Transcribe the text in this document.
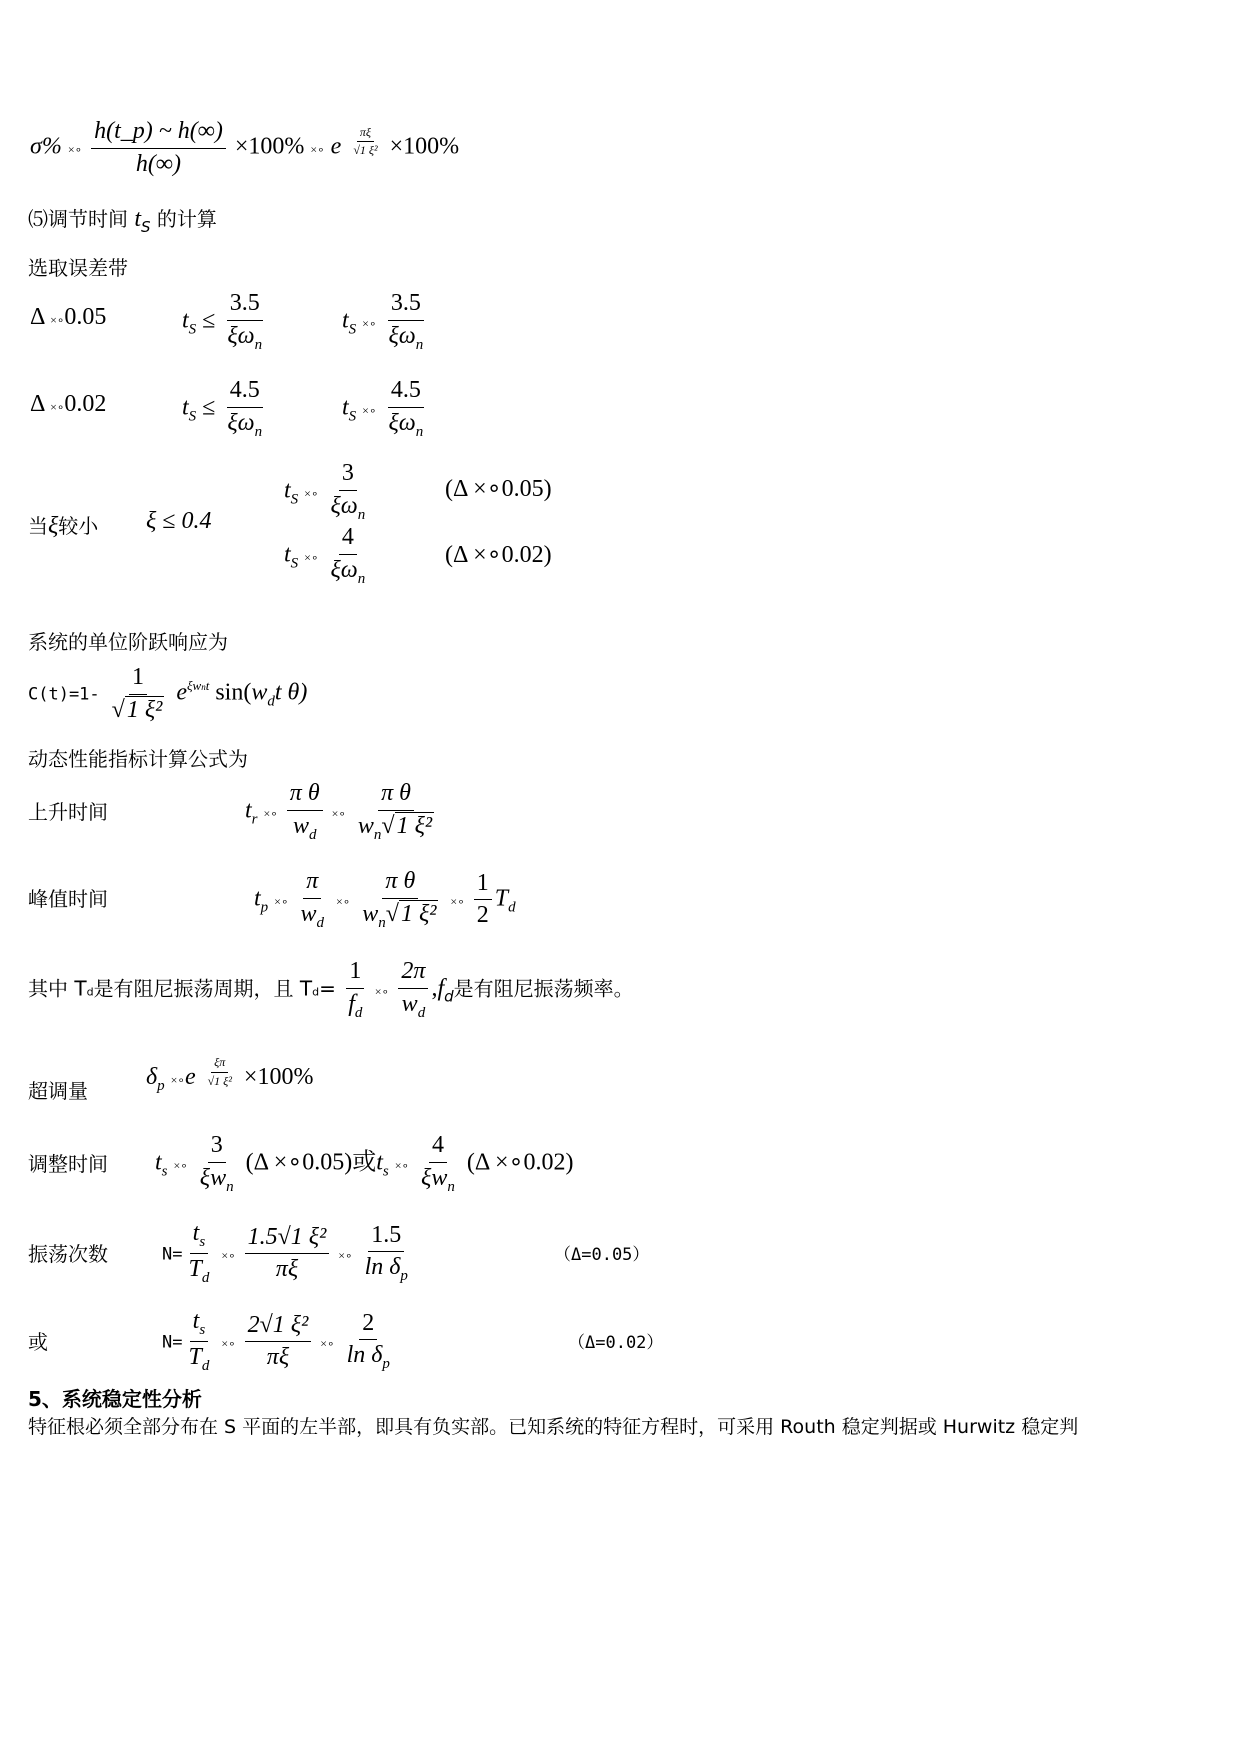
σ% ×∘ $\frac{h(t\_p) \sim h(\infty)}{h(\infty)} \times 100\%$ ×∘ e $\frac{\pi\xi}{\text{√1 ξ²}} \times 100\%$
⑸调节时间 $t_S$ 的计算
选取误差带
Δ ×∘0.05	$t_S \le \frac{3.5}{\xi\omega_n}$	$t_S$ ×∘ $\frac{3.5}{\xi\omega_n}$
Δ ×∘0.02	$t_S \le \frac{4.5}{\xi\omega_n}$	$t_S$ ×∘ $\frac{4.5}{\xi\omega_n}$
当ξ较小 ξ ≤ 0.4
$t_S$ ×∘ $\frac{3}{\xi\omega_n}$	(Δ ×∘0.05)
$t_S$ ×∘ $\frac{4}{\xi\omega_n}$	(Δ ×∘0.02)
系统的单位阶跃响应为
$C(t)=1- \frac{1}{\text{√1 ξ²}} e^{\xi wnt}$ $\sin(w_dt$ θ)
动态性能指标计算公式为
上升时间	$t_r$ ×∘ $\frac{\text{π θ}}{w_d}$ ×∘ $\frac{\text{π θ}}{w_n√1 \xi^2}$
峰值时间	$t_p$ ×∘ $\frac{\pi}{w_d}$ ×∘ $\frac{\text{π θ}}{w_n√1 \xi^2}$ ×∘ $\frac{1}{2} T_d$
其中 Td是有阻尼振荡周期，且 $Td= \frac{1}{f_d}$ ×∘ $\frac{2\pi}{w_d} ,f_d$是有阻尼振荡频率。
超调量
$\delta_p$ ×∘e $\frac{\xi\pi}{\text{√1 ξ²}} \times 100\%$
调整时间 $t_s$ ×∘ $\frac{3}{\xi w_n} (\Delta$ ×∘0.05)或$t_s$ ×∘ $\frac{4}{\xi w_n} (\Delta$ ×∘0.02)
振荡次数	$N= \frac{t_s}{T_d}$ ×∘ $\frac{\text{1.5√1 ξ²}}{\pi\xi}$ ×∘ $\frac{1.5}{\ln \delta_p}$	（Δ=0.05）
或	$N= \frac{t_s}{T_d}$ ×∘ $\frac{\text{2√1 ξ²}}{\pi\xi}$ ×∘ $\frac{2}{\ln \delta_p}$	（Δ=0.02）
5、系统稳定性分析
特征根必须全部分布在 S 平面的左半部，即具有负实部。已知系统的特征方程时，可采用 Routh 稳定判据或 Hurwitz 稳定判
